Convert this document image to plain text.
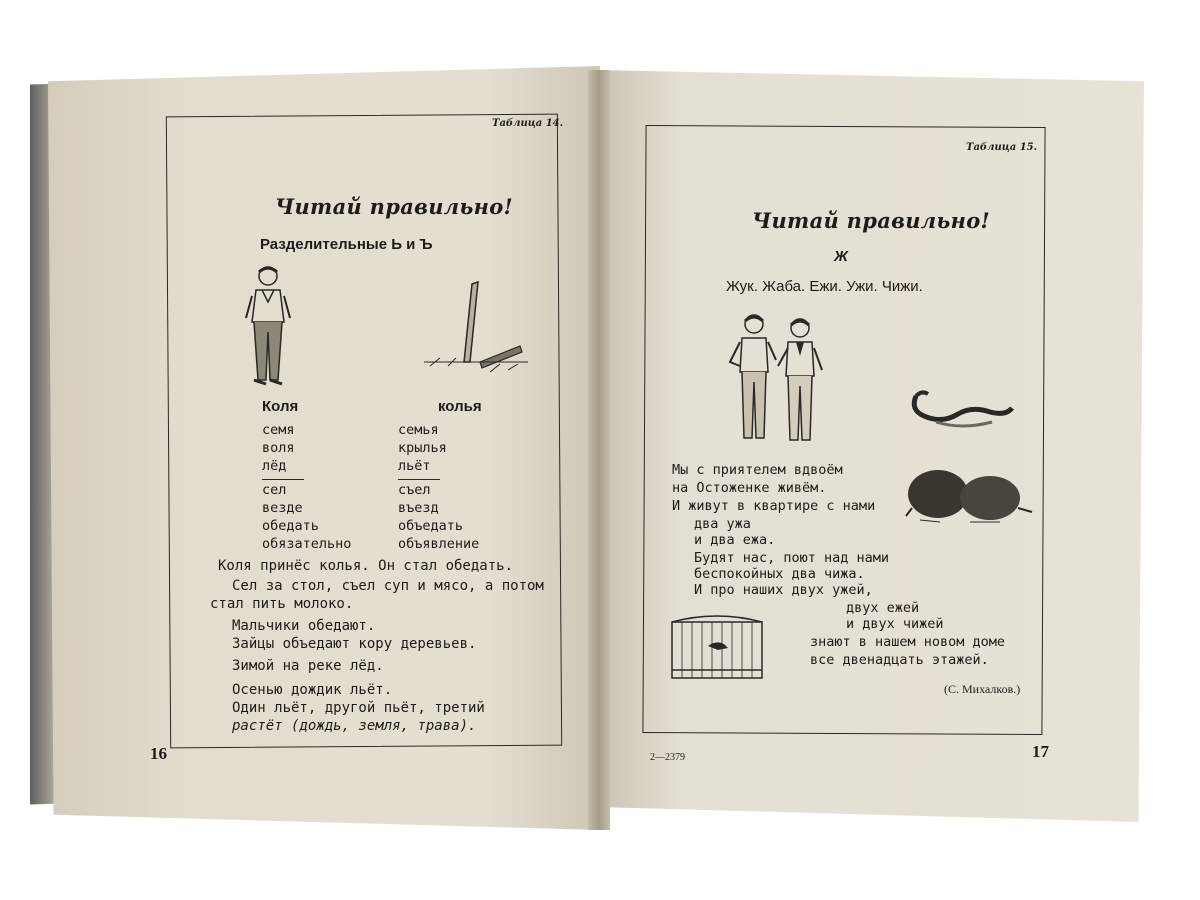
Таблица 14.
Читай правильно!
Разделительные Ь и Ъ
Коля	колья
семя
воля
лёд
сел
везде
обедать
обязательно
семья
крылья
льёт
съел
въезд
объедать
объявление
Коля принёс колья. Он стал обедать.
Сел за стол, съел суп и мясо, а потом
стал пить молоко.
Мальчики обедают.
Зайцы объедают кору деревьев.
Зимой на реке лёд.
Осенью дождик льёт.
Один льёт, другой пьёт, третий
растёт (дождь, земля, трава).
16
Таблица 15.
Читай правильно!
Ж
Жук. Жаба. Ежи. Ужи. Чижи.
Мы с приятелем вдвоём
на Остоженке живём.
И живут в квартире с нами
два ужа
и два ежа.
Будят нас, поют над нами
беспокойных два чижа.
И про наших двух ужей,
двух ежей
и двух чижей
знают в нашем новом доме
все двенадцать этажей.
(С. Михалков.)
2—2379	17
